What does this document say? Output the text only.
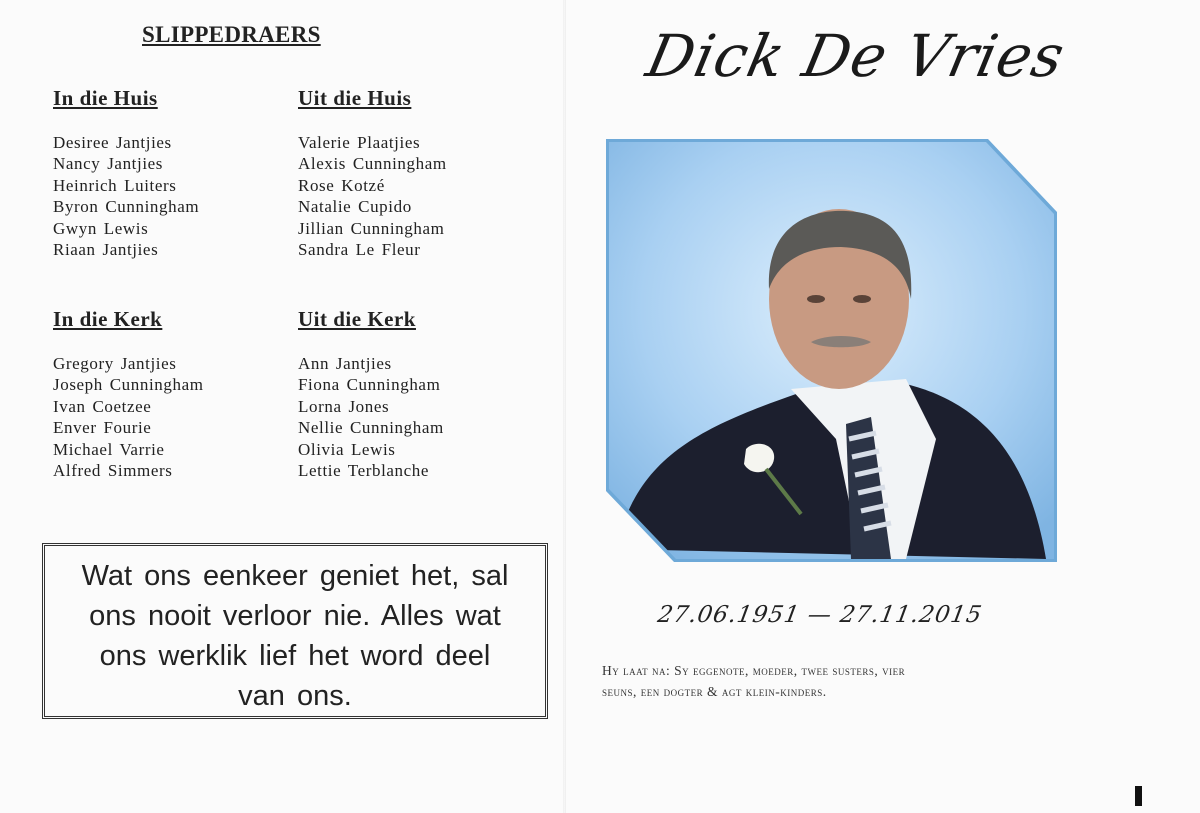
SLIPPEDRAERS
In die Huis
Desiree Jantjies
Nancy Jantjies
Heinrich Luiters
Byron Cunningham
Gwyn Lewis
Riaan Jantjies
Uit die Huis
Valerie Plaatjies
Alexis Cunningham
Rose Kotzé
Natalie Cupido
Jillian Cunningham
Sandra Le Fleur
In die Kerk
Gregory Jantjies
Joseph Cunningham
Ivan Coetzee
Enver Fourie
Michael Varrie
Alfred Simmers
Uit die Kerk
Ann Jantjies
Fiona Cunningham
Lorna Jones
Nellie Cunningham
Olivia Lewis
Lettie Terblanche
Wat ons eenkeer geniet het, sal
ons nooit verloor nie. Alles wat
ons werklik lief het word deel
van ons.
Dick De Vries
27.06.1951 — 27.11.2015
Hy laat na: Sy eggenote, moeder, twee susters, vier
seuns, een dogter & agt klein-kinders.
